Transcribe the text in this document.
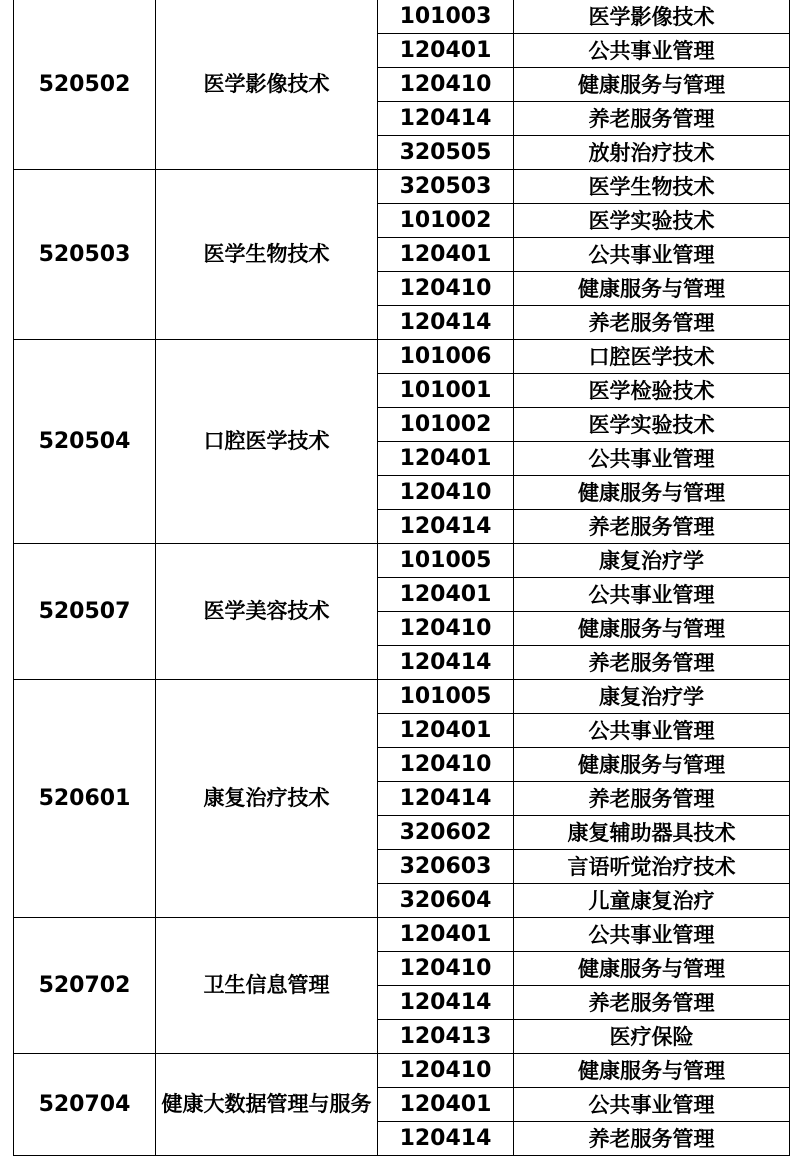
520502	医学影像技术	101003	医学影像技术
		120401	公共事业管理
		120410	健康服务与管理
		120414	养老服务管理
		320505	放射治疗技术
520503	医学生物技术	320503	医学生物技术
		101002	医学实验技术
		120401	公共事业管理
		120410	健康服务与管理
		120414	养老服务管理
520504	口腔医学技术	101006	口腔医学技术
		101001	医学检验技术
		101002	医学实验技术
		120401	公共事业管理
		120410	健康服务与管理
		120414	养老服务管理
520507	医学美容技术	101005	康复治疗学
		120401	公共事业管理
		120410	健康服务与管理
		120414	养老服务管理
520601	康复治疗技术	101005	康复治疗学
		120401	公共事业管理
		120410	健康服务与管理
		120414	养老服务管理
		320602	康复辅助器具技术
		320603	言语听觉治疗技术
		320604	儿童康复治疗
520702	卫生信息管理	120401	公共事业管理
		120410	健康服务与管理
		120414	养老服务管理
		120413	医疗保险
520704	健康大数据管理与服务	120410	健康服务与管理
		120401	公共事业管理
		120414	养老服务管理
